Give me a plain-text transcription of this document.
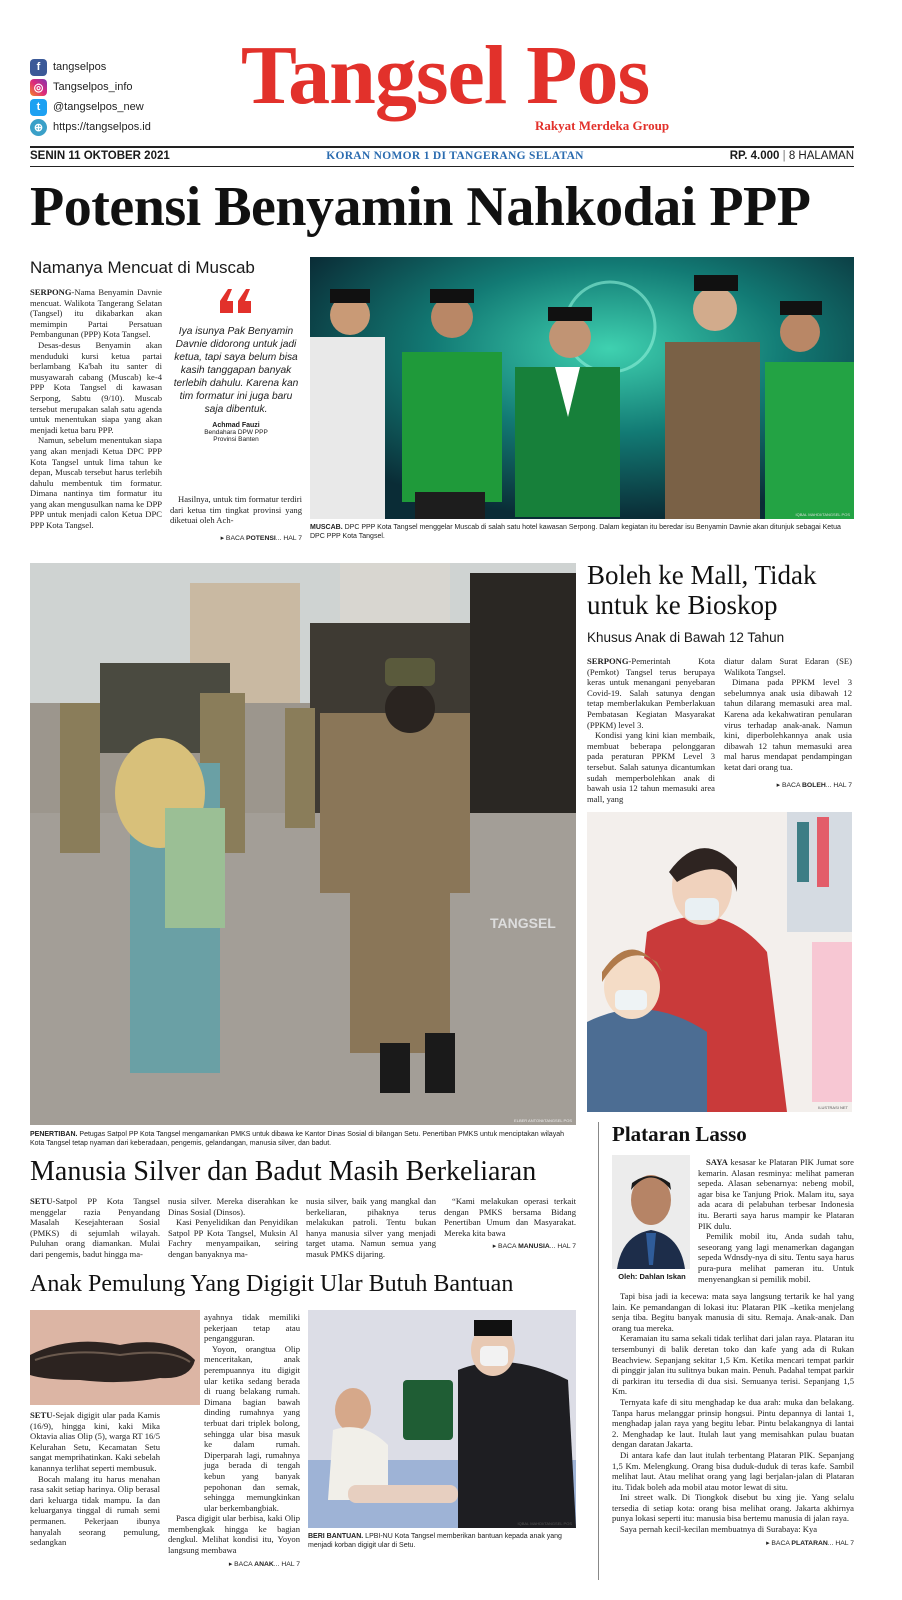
f	tangselpos
◎ Tangselpos_info
t	@tangselpos_new
⊕ https://tangselpos.id
Tangsel Pos
Rakyat Merdeka Group
SENIN 11 OKTOBER 2021	KORAN NOMOR 1 DI TANGERANG SELATAN	RP. 4.000 | 8 HALAMAN
Potensi Benyamin Nahkodai PPP
Namanya Mencuat di Muscab

SERPONG-Nama Benyamin Davnie mencuat. Walikota Tangerang Selatan (Tangsel) itu dikabarkan akan memimpin Partai Persatuan Pembangunan (PPP) Kota Tangsel.

Desas-desus Benyamin akan menduduki kursi ketua partai berlambang Ka'bah itu santer di musyawarah cabang (Muscab) ke-4 PPP Kota Tangsel di kawasan Serpong, Sabtu (9/10). Muscab tersebut merupakan salah satu agenda untuk menentukan siapa yang akan menjadi ketua baru PPP.

Namun, sebelum menentukan siapa yang akan menjadi Ketua DPC PPP Kota Tangsel untuk lima tahun ke depan, Muscab tersebut harus terlebih dahulu membentuk tim formatur. Dimana nantinya tim formatur itu yang akan mengusulkan nama ke DPP PPP untuk menjadi calon Ketua DPC PPP Kota Tangsel.

Iya isunya Pak Benyamin Davnie didorong untuk jadi ketua, tapi saya belum bisa kasih tanggapan banyak terlebih dahulu. Karena kan tim formatur ini juga baru saja dibentuk.
Achmad Fauzi
Bendahara DPW PPP
Provinsi Banten

Hasilnya, untuk tim formatur terdiri dari ketua tim tingkat provinsi yang diketuai oleh Ach-

▸ BACA POTENSI... HAL 7
IQBAL MAHDI/TANGSEL POS
MUSCAB. DPC PPP Kota Tangsel menggelar Muscab di salah satu hotel kawasan Serpong. Dalam kegiatan itu beredar isu Benyamin Davnie akan ditunjuk sebagai Ketua DPC PPP Kota Tangsel.
TANGSEL
ELBER ANTONI/TANGSEL POS
PENERTIBAN. Petugas Satpol PP Kota Tangsel mengamankan PMKS untuk dibawa ke Kantor Dinas Sosial di bilangan Setu. Penertiban PMKS untuk menciptakan wilayah Kota Tangsel tetap nyaman dari keberadaan, pengemis, gelandangan, manusia silver, dan badut.
Boleh ke Mall, Tidak untuk ke Bioskop
Khusus Anak di Bawah 12 Tahun

SERPONG-Pemerintah Kota (Pemkot) Tangsel terus berupaya keras untuk menangani penyebaran Covid-19. Salah satunya dengan tetap memberlakukan Pemberlakuan Pembatasan Kegiatan Masyarakat (PPKM) level 3.

Kondisi yang kini kian membaik, membuat beberapa pelonggaran pada peraturan PPKM Level 3 tersebut. Salah satunya dicantumkan sudah memperbolehkan anak di bawah usia 12 tahun memasuki area mall, yang

diatur dalam Surat Edaran (SE) Walikota Tangsel.

Dimana pada PPKM level 3 sebelumnya anak usia dibawah 12 tahun dilarang memasuki area mal. Karena ada kekahwatiran penularan virus terhadap anak-anak. Namun kini, diperbolehkannya anak usia dibawah 12 tahun memasuki area mal harus mendapat pendampingan ketat dari orang tua.

▸ BACA BOLEH... HAL 7
ILUSTRASI NET
Manusia Silver dan Badut Masih Berkeliaran

SETU-Satpol PP Kota Tangsel menggelar razia Penyandang Masalah Kesejahteraan Sosial (PMKS) di sejumlah wilayah. Puluhan orang diamankan. Mulai dari pengemis, badut hingga ma-

nusia silver. Mereka diserahkan ke Dinas Sosial (Dinsos).

Kasi Penyelidikan dan Penyidikan Satpol PP Kota Tangsel, Muksin Al Fachry menyampaikan, seiring dengan banyaknya ma-

nusia silver, baik yang mangkal dan berkeliaran, pihaknya terus melakukan patroli. Tentu bukan hanya manusia silver yang menjadi target utama. Namun semua yang masuk PMKS dijaring.

“Kami melakukan operasi terkait dengan PMKS bersama Bidang Penertiban Umum dan Masyarakat. Mereka kita bawa

▸ BACA MANUSIA... HAL 7
Anak Pemulung Yang Digigit Ular Butuh Bantuan

SETU-Sejak digigit ular pada Kamis (16/9), hingga kini, kaki Mika Oktavia alias Olip (5), warga RT 16/5 Kelurahan Setu, Kecamatan Setu sangat memprihatinkan. Kaki sebelah kanannya terlihat seperti membusuk.

Bocah malang itu harus menahan rasa sakit setiap harinya. Olip berasal dari keluarga tidak mampu. Ia dan keluarganya tinggal di rumah semi permanen. Pekerjaan ibunya hanyalah seorang pemulung, sedangkan

ayahnya tidak memiliki pekerjaan tetap atau pengangguran.

Yoyon, orangtua Olip menceritakan, anak perempuannya itu digigit ular ketika sedang berada di ruang belakang rumah. Dimana bagian bawah dinding rumahnya yang terbuat dari triplek bolong, sehingga ular bisa masuk ke dalam rumah. Diperparah lagi, rumahnya juga berada di tengah kebun yang banyak pepohonan dan semak, sehingga memungkinkan ular berkembangbiak.

Pasca digigit ular berbisa, kaki Olip membengkak hingga ke bagian dengkul. Melihat kondisi itu, Yoyon langsung membawa

▸ BACA ANAK... HAL 7
IQBAL MAHDI/TANGSEL POS
BERI BANTUAN. LPBI-NU Kota Tangsel memberikan bantuan kepada anak yang menjadi korban digigit ular di Setu.
Plataran Lasso
Oleh: Dahlan Iskan

SAYA kesasar ke Plataran PIK Jumat sore kemarin. Alasan resminya: melihat pameran sepeda. Alasan sebenarnya: nebeng mobil, agar bisa ke Tanjung Priok. Malam itu, saya ada acara di pelabuhan terbesar Indonesia itu. Berarti saya harus mampir ke Plataran PIK dulu.

Pemilik mobil itu, Anda sudah tahu, seseorang yang lagi menamerkan dagangan sepeda Wdnsdy-nya di situ. Tentu saya harus pura-pura melihat pameran itu. Untuk menyenangkan si pemilik mobil.

Tapi bisa jadi ia kecewa: mata saya langsung tertarik ke hal yang lain. Ke pemandangan di lokasi itu: Plataran PIK –ketika menjelang senja tiba. Begitu banyak manusia di situ. Remaja. Anak-anak. Dan orang tua mereka.

Keramaian itu sama sekali tidak terlihat dari jalan raya. Plataran itu tersembunyi di balik deretan toko dan kafe yang ada di Rukan Beachview. Sepanjang sekitar 1,5 Km. Ketika mencari tempat parkir di pinggir jalan itu sulitnya bukan main. Penuh. Padahal tempat parkir di parkiran itu tersedia di dua sisi. Semuanya terisi. Sepanjang 1,5 Km.

Ternyata kafe di situ menghadap ke dua arah: muka dan belakang. Tanpa harus melanggar prinsip hongsui. Pintu depannya di lantai 1, menghadap jalan raya yang begitu lebar. Pintu belakangnya di lantai 2. Menghadap ke laut. Itulah laut yang memisahkan pulau buatan dengan daratan Jakarta.

Di antara kafe dan laut itulah terbentang Plataran PIK. Sepanjang 1,5 Km. Melengkung. Orang bisa duduk-duduk di teras kafe. Sambil melihat laut. Atau melihat orang yang lagi berjalan-jalan di Plataran itu. Tidak boleh ada mobil atau motor lewat di situ.

Ini street walk. Di Tiongkok disebut bu xing jie. Yang selalu tersedia di setiap kota: orang bisa melihat orang. Jakarta akhirnya punya lokasi seperti itu: manusia bisa bertemu manusia di jalan raya.

Saya pernah kecil-kecilan membuatnya di Surabaya: Kya

▸ BACA PLATARAN... HAL 7
